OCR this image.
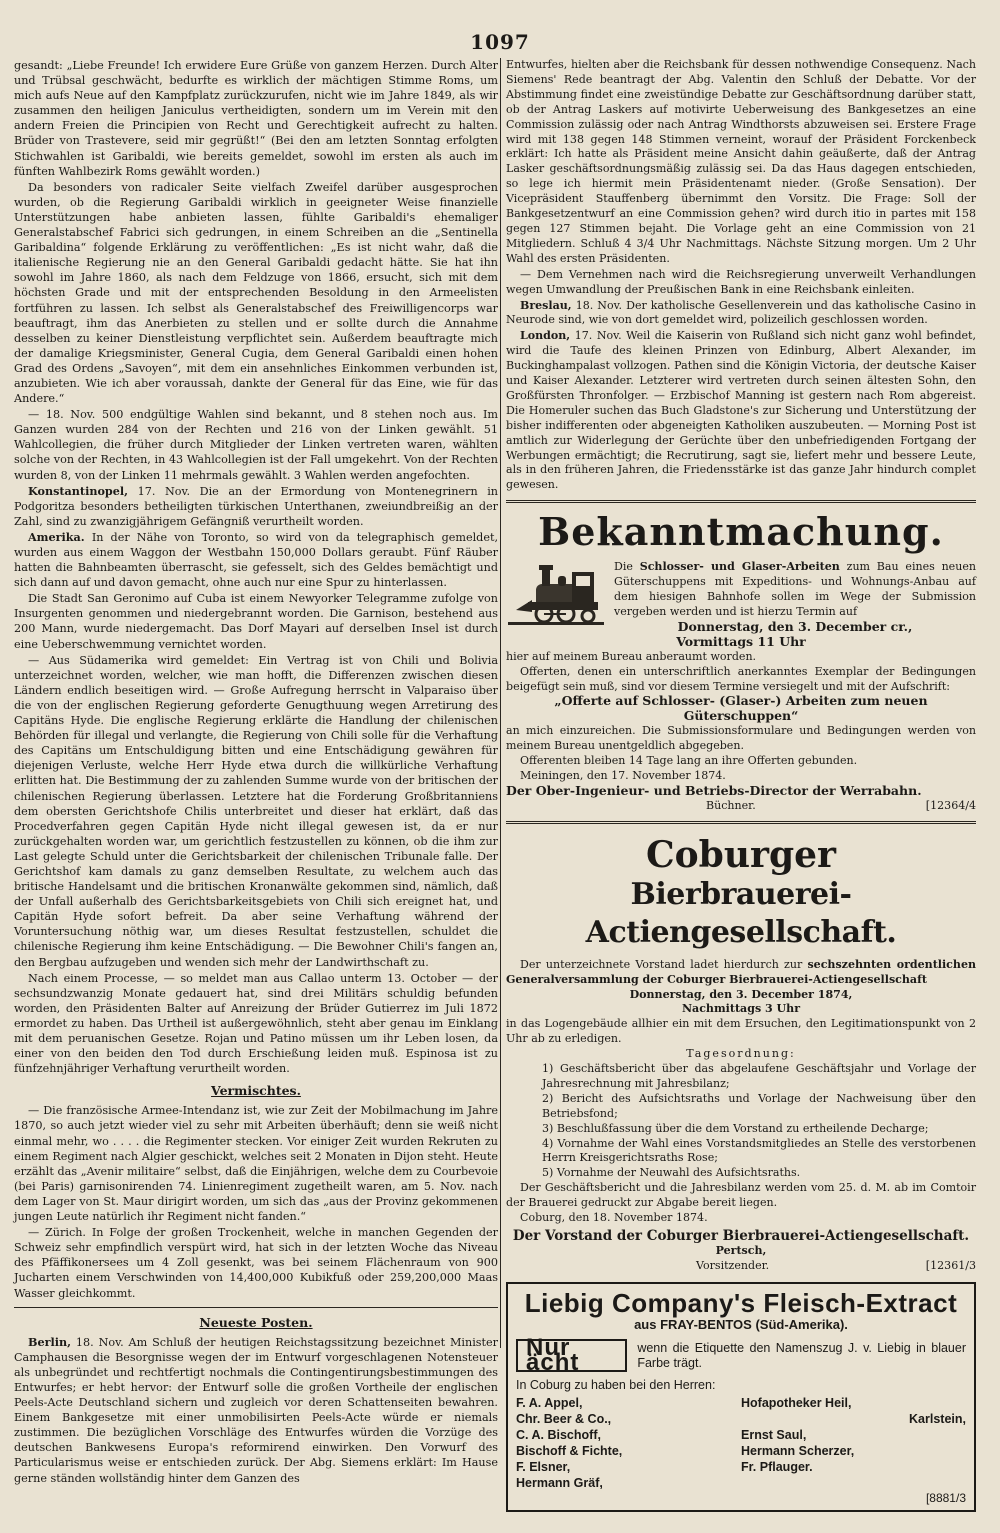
1097

gesandt: „Liebe Freunde! Ich erwidere Eure Grüße von ganzem Herzen. Durch Alter und Trübsal geschwächt, bedurfte es wirklich der mächtigen Stimme Roms, um mich aufs Neue auf den Kampfplatz zurückzurufen, nicht wie im Jahre 1849, als wir zusammen den heiligen Janiculus vertheidigten, sondern um im Verein mit den andern Freien die Principien von Recht und Gerechtigkeit aufrecht zu halten. Brüder von Trastevere, seid mir gegrüßt!“ (Bei den am letzten Sonntag erfolgten Stichwahlen ist Garibaldi, wie bereits gemeldet, sowohl im ersten als auch im fünften Wahlbezirk Roms gewählt worden.)

Da besonders von radicaler Seite vielfach Zweifel darüber ausgesprochen wurden, ob die Regierung Garibaldi wirklich in geeigneter Weise finanzielle Unterstützungen habe anbieten lassen, fühlte Garibaldi's ehemaliger Generalstabschef Fabrici sich gedrungen, in einem Schreiben an die „Sentinella Garibaldina“ folgende Erklärung zu veröffentlichen: „Es ist nicht wahr, daß die italienische Regierung nie an den General Garibaldi gedacht hätte. Sie hat ihn sowohl im Jahre 1860, als nach dem Feldzuge von 1866, ersucht, sich mit dem höchsten Grade und mit der entsprechenden Besoldung in den Armeelisten fortführen zu lassen. Ich selbst als Generalstabschef des Freiwilligencorps war beauftragt, ihm das Anerbieten zu stellen und er sollte durch die Annahme desselben zu keiner Dienstleistung verpflichtet sein. Außerdem beauftragte mich der damalige Kriegsminister, General Cugia, dem General Garibaldi einen hohen Grad des Ordens „Savoyen“, mit dem ein ansehnliches Einkommen verbunden ist, anzubieten. Wie ich aber voraussah, dankte der General für das Eine, wie für das Andere.“

— 18. Nov. 500 endgültige Wahlen sind bekannt, und 8 stehen noch aus. Im Ganzen wurden 284 von der Rechten und 216 von der Linken gewählt. 51 Wahlcollegien, die früher durch Mitglieder der Linken vertreten waren, wählten solche von der Rechten, in 43 Wahlcollegien ist der Fall umgekehrt. Von der Rechten wurden 8, von der Linken 11 mehrmals gewählt. 3 Wahlen werden angefochten.

Konstantinopel, 17. Nov. Die an der Ermordung von Montenegrinern in Podgoritza besonders betheiligten türkischen Unterthanen, zweiundbreißig an der Zahl, sind zu zwanzigjährigem Gefängniß verurtheilt worden.

Amerika. In der Nähe von Toronto, so wird von da telegraphisch gemeldet, wurden aus einem Waggon der Westbahn 150,000 Dollars geraubt. Fünf Räuber hatten die Bahnbeamten überrascht, sie gefesselt, sich des Geldes bemächtigt und sich dann auf und davon gemacht, ohne auch nur eine Spur zu hinterlassen.

Die Stadt San Geronimo auf Cuba ist einem Newyorker Telegramme zufolge von Insurgenten genommen und niedergebrannt worden. Die Garnison, bestehend aus 200 Mann, wurde niedergemacht. Das Dorf Mayari auf derselben Insel ist durch eine Ueberschwemmung vernichtet worden.

— Aus Südamerika wird gemeldet: Ein Vertrag ist von Chili und Bolivia unterzeichnet worden, welcher, wie man hofft, die Differenzen zwischen diesen Ländern endlich beseitigen wird. — Große Aufregung herrscht in Valparaiso über die von der englischen Regierung geforderte Genugthuung wegen Arretirung des Capitäns Hyde. Die englische Regierung erklärte die Handlung der chilenischen Behörden für illegal und verlangte, die Regierung von Chili solle für die Verhaftung des Capitäns um Entschuldigung bitten und eine Entschädigung gewähren für diejenigen Verluste, welche Herr Hyde etwa durch die willkürliche Verhaftung erlitten hat. Die Bestimmung der zu zahlenden Summe wurde von der britischen der chilenischen Regierung überlassen. Letztere hat die Forderung Großbritanniens dem obersten Gerichtshofe Chilis unterbreitet und dieser hat erklärt, daß das Procedverfahren gegen Capitän Hyde nicht illegal gewesen ist, da er nur zurückgehalten worden war, um gerichtlich festzustellen zu können, ob die ihm zur Last gelegte Schuld unter die Gerichtsbarkeit der chilenischen Tribunale falle. Der Gerichtshof kam damals zu ganz demselben Resultate, zu welchem auch das britische Handelsamt und die britischen Kronanwälte gekommen sind, nämlich, daß der Unfall außerhalb des Gerichtsbarkeitsgebiets von Chili sich ereignet hat, und Capitän Hyde sofort befreit. Da aber seine Verhaftung während der Voruntersuchung nöthig war, um dieses Resultat festzustellen, schuldet die chilenische Regierung ihm keine Entschädigung. — Die Bewohner Chili's fangen an, den Bergbau aufzugeben und wenden sich mehr der Landwirthschaft zu.

Nach einem Processe, — so meldet man aus Callao unterm 13. October — der sechsundzwanzig Monate gedauert hat, sind drei Militärs schuldig befunden worden, den Präsidenten Balter auf Anreizung der Brüder Gutierrez im Juli 1872 ermordet zu haben. Das Urtheil ist außergewöhnlich, steht aber genau im Einklang mit dem peruanischen Gesetze. Rojan und Patino müssen um ihr Leben losen, da einer von den beiden den Tod durch Erschießung leiden muß. Espinosa ist zu fünfzehnjähriger Verhaftung verurtheilt worden.

Vermischtes.

— Die französische Armee-Intendanz ist, wie zur Zeit der Mobilmachung im Jahre 1870, so auch jetzt wieder viel zu sehr mit Arbeiten überhäuft; denn sie weiß nicht einmal mehr, wo . . . . die Regimenter stecken. Vor einiger Zeit wurden Rekruten zu einem Regiment nach Algier geschickt, welches seit 2 Monaten in Dijon steht. Heute erzählt das „Avenir militaire“ selbst, daß die Einjährigen, welche dem zu Courbevoie (bei Paris) garnisonirenden 74. Linienregiment zugetheilt waren, am 5. Nov. nach dem Lager von St. Maur dirigirt worden, um sich das „aus der Provinz gekommenen jungen Leute natürlich ihr Regiment nicht fanden.“

— Zürich. In Folge der großen Trockenheit, welche in manchen Gegenden der Schweiz sehr empfindlich verspürt wird, hat sich in der letzten Woche das Niveau des Pfäffikonersees um 4 Zoll gesenkt, was bei seinem Flächenraum von 900 Jucharten einem Verschwinden von 14,400,000 Kubikfuß oder 259,200,000 Maas Wasser gleichkommt.

Neueste Posten.

Berlin, 18. Nov. Am Schluß der heutigen Reichstagssitzung bezeichnet Minister Camphausen die Besorgnisse wegen der im Entwurf vorgeschlagenen Notensteuer als unbegründet und rechtfertigt nochmals die Contingentirungsbestimmungen des Entwurfes; er hebt hervor: der Entwurf solle die großen Vortheile der englischen Peels-Acte Deutschland sichern und zugleich vor deren Schattenseiten bewahren. Einem Bankgesetze mit einer unmobilisirten Peels-Acte würde er niemals zustimmen. Die bezüglichen Vorschläge des Entwurfes würden die Vorzüge des deutschen Bankwesens Europa's reformirend einwirken. Den Vorwurf des Particularismus weise er entschieden zurück. Der Abg. Siemens erklärt: Im Hause gerne ständen wollständig hinter dem Ganzen des

Entwurfes, hielten aber die Reichsbank für dessen nothwendige Consequenz. Nach Siemens' Rede beantragt der Abg. Valentin den Schluß der Debatte. Vor der Abstimmung findet eine zweistündige Debatte zur Geschäftsordnung darüber statt, ob der Antrag Laskers auf motivirte Ueberweisung des Bankgesetzes an eine Commission zulässig oder nach Antrag Windthorsts abzuweisen sei. Erstere Frage wird mit 138 gegen 148 Stimmen verneint, worauf der Präsident Forckenbeck erklärt: Ich hatte als Präsident meine Ansicht dahin geäußerte, daß der Antrag Lasker geschäftsordnungsmäßig zulässig sei. Da das Haus dagegen entschieden, so lege ich hiermit mein Präsidentenamt nieder. (Große Sensation). Der Vicepräsident Stauffenberg übernimmt den Vorsitz. Die Frage: Soll der Bankgesetzentwurf an eine Commission gehen? wird durch itio in partes mit 158 gegen 127 Stimmen bejaht. Die Vorlage geht an eine Commission von 21 Mitgliedern. Schluß 4 3/4 Uhr Nachmittags. Nächste Sitzung morgen. Um 2 Uhr Wahl des ersten Präsidenten.

— Dem Vernehmen nach wird die Reichsregierung unverweilt Verhandlungen wegen Umwandlung der Preußischen Bank in eine Reichsbank einleiten.

Breslau, 18. Nov. Der katholische Gesellenverein und das katholische Casino in Neurode sind, wie von dort gemeldet wird, polizeilich geschlossen worden.

London, 17. Nov. Weil die Kaiserin von Rußland sich nicht ganz wohl befindet, wird die Taufe des kleinen Prinzen von Edinburg, Albert Alexander, im Buckinghampalast vollzogen. Pathen sind die Königin Victoria, der deutsche Kaiser und Kaiser Alexander. Letzterer wird vertreten durch seinen ältesten Sohn, den Großfürsten Thronfolger. — Erzbischof Manning ist gestern nach Rom abgereist. Die Homeruler suchen das Buch Gladstone's zur Sicherung und Unterstützung der bisher indifferenten oder abgeneigten Katholiken auszubeuten. — Morning Post ist amtlich zur Widerlegung der Gerüchte über den unbefriedigenden Fortgang der Werbungen ermächtigt; die Recrutirung, sagt sie, liefert mehr und bessere Leute, als in den früheren Jahren, die Friedensstärke ist das ganze Jahr hindurch complet gewesen.

Bekanntmachung.
Die Schlosser- und Glaser-Arbeiten zum Bau eines neuen Güterschuppens mit Expeditions- und Wohnungs-Anbau auf dem hiesigen Bahnhofe sollen im Wege der Submission vergeben werden und ist hierzu Termin auf
Donnerstag, den 3. December cr.,
Vormittags 11 Uhr
hier auf meinem Bureau anberaumt worden.
Offerten, denen ein unterschriftlich anerkanntes Exemplar der Bedingungen beigefügt sein muß, sind vor diesem Termine versiegelt und mit der Aufschrift:
„Offerte auf Schlosser- (Glaser-) Arbeiten zum neuen Güterschuppen“
an mich einzureichen. Die Submissionsformulare und Bedingungen werden von meinem Bureau unentgeldlich abgegeben.
Offerenten bleiben 14 Tage lang an ihre Offerten gebunden.
Meiningen, den 17. November 1874.
Der Ober-Ingenieur- und Betriebs-Director der Werrabahn.
Büchner.	[12364/4
Coburger
Bierbrauerei-Actiengesellschaft.
Der unterzeichnete Vorstand ladet hierdurch zur sechszehnten ordentlichen Generalversammlung der Coburger Bierbrauerei-Actiengesellschaft
Donnerstag, den 3. December 1874,
Nachmittags 3 Uhr
in das Logengebäude allhier ein mit dem Ersuchen, den Legitimationspunkt von 2 Uhr ab zu erledigen.
Tagesordnung:
1) Geschäftsbericht über das abgelaufene Geschäftsjahr und Vorlage der Jahresrechnung mit Jahresbilanz;
2) Bericht des Aufsichtsraths und Vorlage der Nachweisung über den Betriebsfond;
3) Beschlußfassung über die dem Vorstand zu ertheilende Decharge;
4) Vornahme der Wahl eines Vorstandsmitgliedes an Stelle des verstorbenen Herrn Kreisgerichtsraths Rose;
5) Vornahme der Neuwahl des Aufsichtsraths.
Der Geschäftsbericht und die Jahresbilanz werden vom 25. d. M. ab im Comtoir der Brauerei gedruckt zur Abgabe bereit liegen.
Coburg, den 18. November 1874.
Der Vorstand der Coburger Bierbrauerei-Actiengesellschaft.
Pertsch,
Vorsitzender.	[12361/3
Liebig Company's Fleisch-Extract
aus FRAY-BENTOS (Süd-Amerika).
Nur ächt
wenn die Etiquette den Namenszug J. v. Liebig in blauer Farbe trägt.
In Coburg zu haben bei den Herren:
F. A. Appel,
Chr. Beer & Co.,
C. A. Bischoff,
Bischoff & Fichte,
F. Elsner,
Hermann Gräf,
Hofapotheker Heil,
Karlstein,
Ernst Saul,
Hermann Scherzer,
Fr. Pflauger.
[8881/3
